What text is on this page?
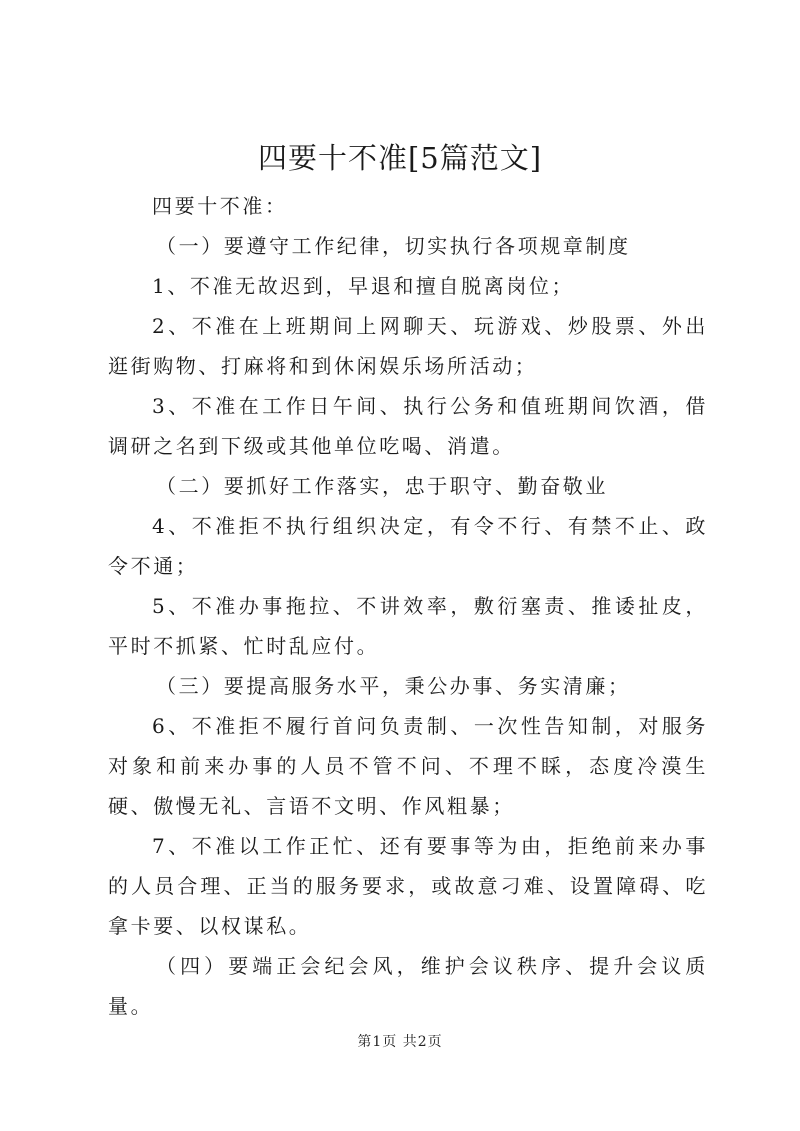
四要十不准[5篇范文]

四要十不准：

（一）要遵守工作纪律，切实执行各项规章制度

1、不准无故迟到，早退和擅自脱离岗位；

2、不准在上班期间上网聊天、玩游戏、炒股票、外出逛街购物、打麻将和到休闲娱乐场所活动；

3、不准在工作日午间、执行公务和值班期间饮酒，借调研之名到下级或其他单位吃喝、消遣。

（二）要抓好工作落实，忠于职守、勤奋敬业

4、不准拒不执行组织决定，有令不行、有禁不止、政令不通；

5、不准办事拖拉、不讲效率，敷衍塞责、推诿扯皮，平时不抓紧、忙时乱应付。

（三）要提高服务水平，秉公办事、务实清廉；

6、不准拒不履行首问负责制、一次性告知制，对服务对象和前来办事的人员不管不问、不理不睬，态度冷漠生硬、傲慢无礼、言语不文明、作风粗暴；

7、不准以工作正忙、还有要事等为由，拒绝前来办事的人员合理、正当的服务要求，或故意刁难、设置障碍、吃拿卡要、以权谋私。

（四）要端正会纪会风，维护会议秩序、提升会议质量。

第1页 共2页
